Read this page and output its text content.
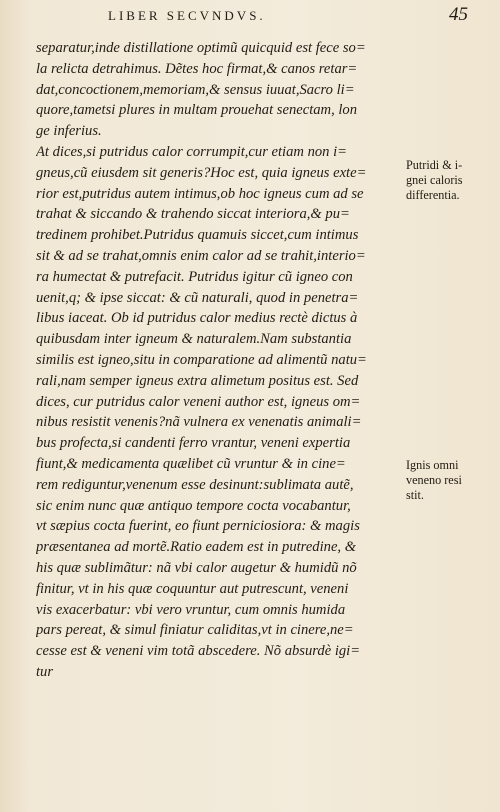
LIBER SECVNDVS.	45
separatur,inde distillatione optimũ quicquid est fece so=
la relicta detrahimus. Dẽtes hoc firmat,& canos retar=
dat,concoctionem,memoriam,& sensus iuuat,Sacro li=
quore,tametsi plures in multam prouehat senectam, lon
ge inferius.
At dices,si putridus calor corrumpit,cur etiam non i=
gneus,cũ eiusdem sit generis?Hoc est, quia igneus exte=
rior est,putridus autem intimus,ob hoc igneus cum ad se
trahat & siccando & trahendo siccat interiora,& pu=
tredinem prohibet.Putridus quamuis siccet,cum intimus
sit & ad se trahat,omnis enim calor ad se trahit,interio=
ra humectat & putrefacit. Putridus igitur cũ igneo con
uenit,q; & ipse siccat: & cũ naturali, quod in penetra=
libus iaceat. Ob id putridus calor medius rectè dictus à
quibusdam inter igneum & naturalem.Nam substantia
similis est igneo,situ in comparatione ad alimentũ natu=
rali,nam semper igneus extra alimetum positus est. Sed
dices, cur putridus calor veneni author est, igneus om=
nibus resistit venenis?nã vulnera ex venenatis animali=
bus profecta,si candenti ferro vrantur, veneni expertia
fiunt,& medicamenta quælibet cũ vruntur & in cine=
rem rediguntur,venenum esse desinunt:sublimata autẽ,
sic enim nunc quæ antiquo tempore cocta vocabantur,
vt sæpius cocta fuerint, eo fiunt perniciosiora: & magis
præsentanea ad mortẽ.Ratio eadem est in putredine, &
his quæ sublimãtur: nã vbi calor augetur & humidũ nõ
finitur, vt in his quæ coquuntur aut putrescunt, veneni
vis exacerbatur: vbi vero vruntur, cum omnis humida
pars pereat, & simul finiatur caliditas,vt in cinere,ne=
cesse est & veneni vim totã abscedere. Nõ absurdè igi=
tur
Putridi & i-
gnei caloris
differentia.
Ignis omni
veneno resi
stit.
